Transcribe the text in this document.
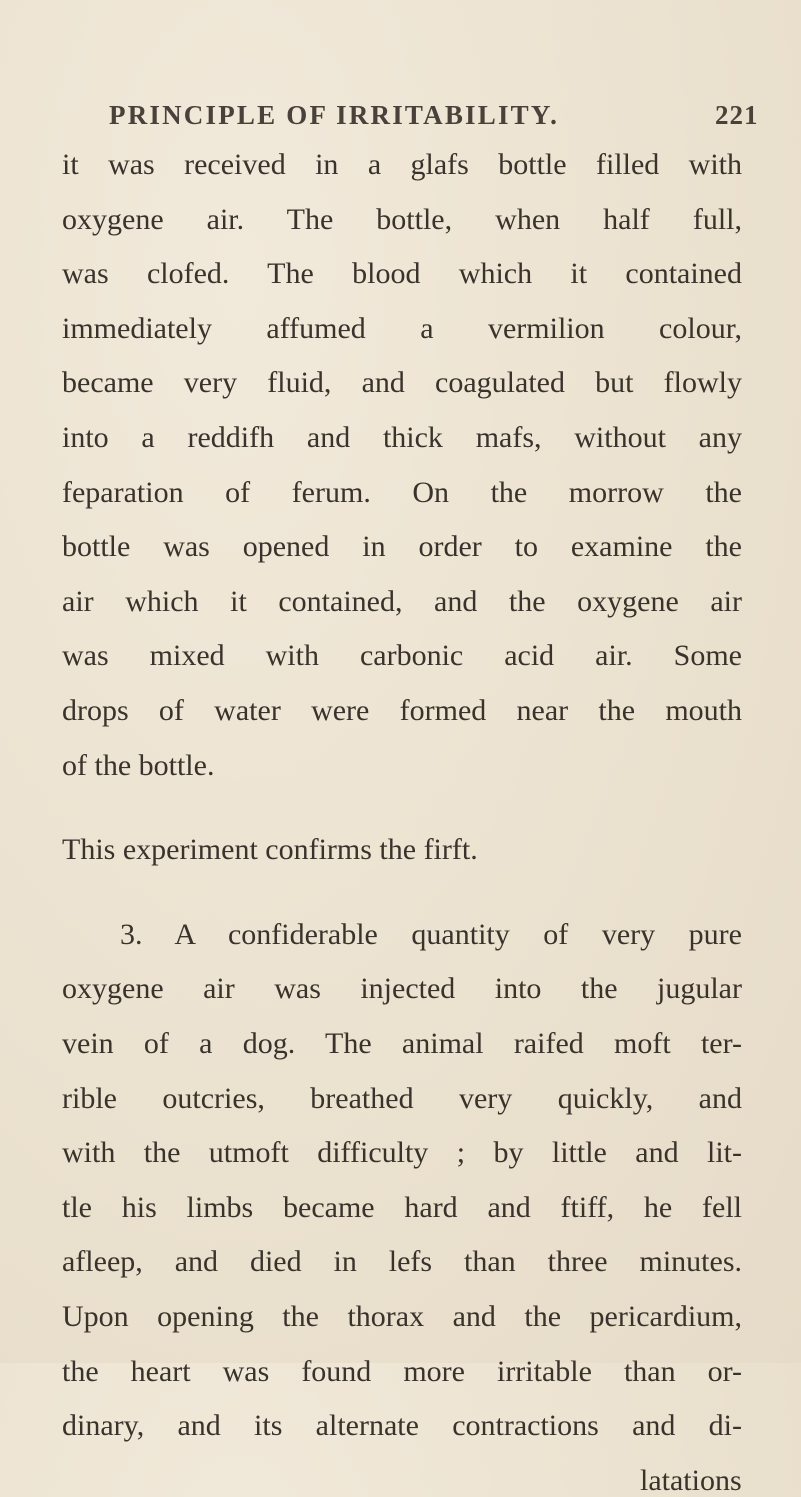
PRINCIPLE OF IRRITABILITY.	221
it was received in a glafs bottle filled with
oxygene air. The bottle, when half full,
was clofed. The blood which it contained
immediately affumed a vermilion colour,
became very fluid, and coagulated but flowly
into a reddifh and thick mafs, without any
feparation of ferum. On the morrow the
bottle was opened in order to examine the
air which it contained, and the oxygene air
was mixed with carbonic acid air. Some
drops of water were formed near the mouth
of the bottle.
This experiment confirms the firft.
3. A confiderable quantity of very pure
oxygene air was injected into the jugular
vein of a dog. The animal raifed moft ter-
rible outcries, breathed very quickly, and
with the utmoft difficulty ; by little and lit-
tle his limbs became hard and ftiff, he fell
afleep, and died in lefs than three minutes.
Upon opening the thorax and the pericardium,
the heart was found more irritable than or-
dinary, and its alternate contractions and di-
latations
